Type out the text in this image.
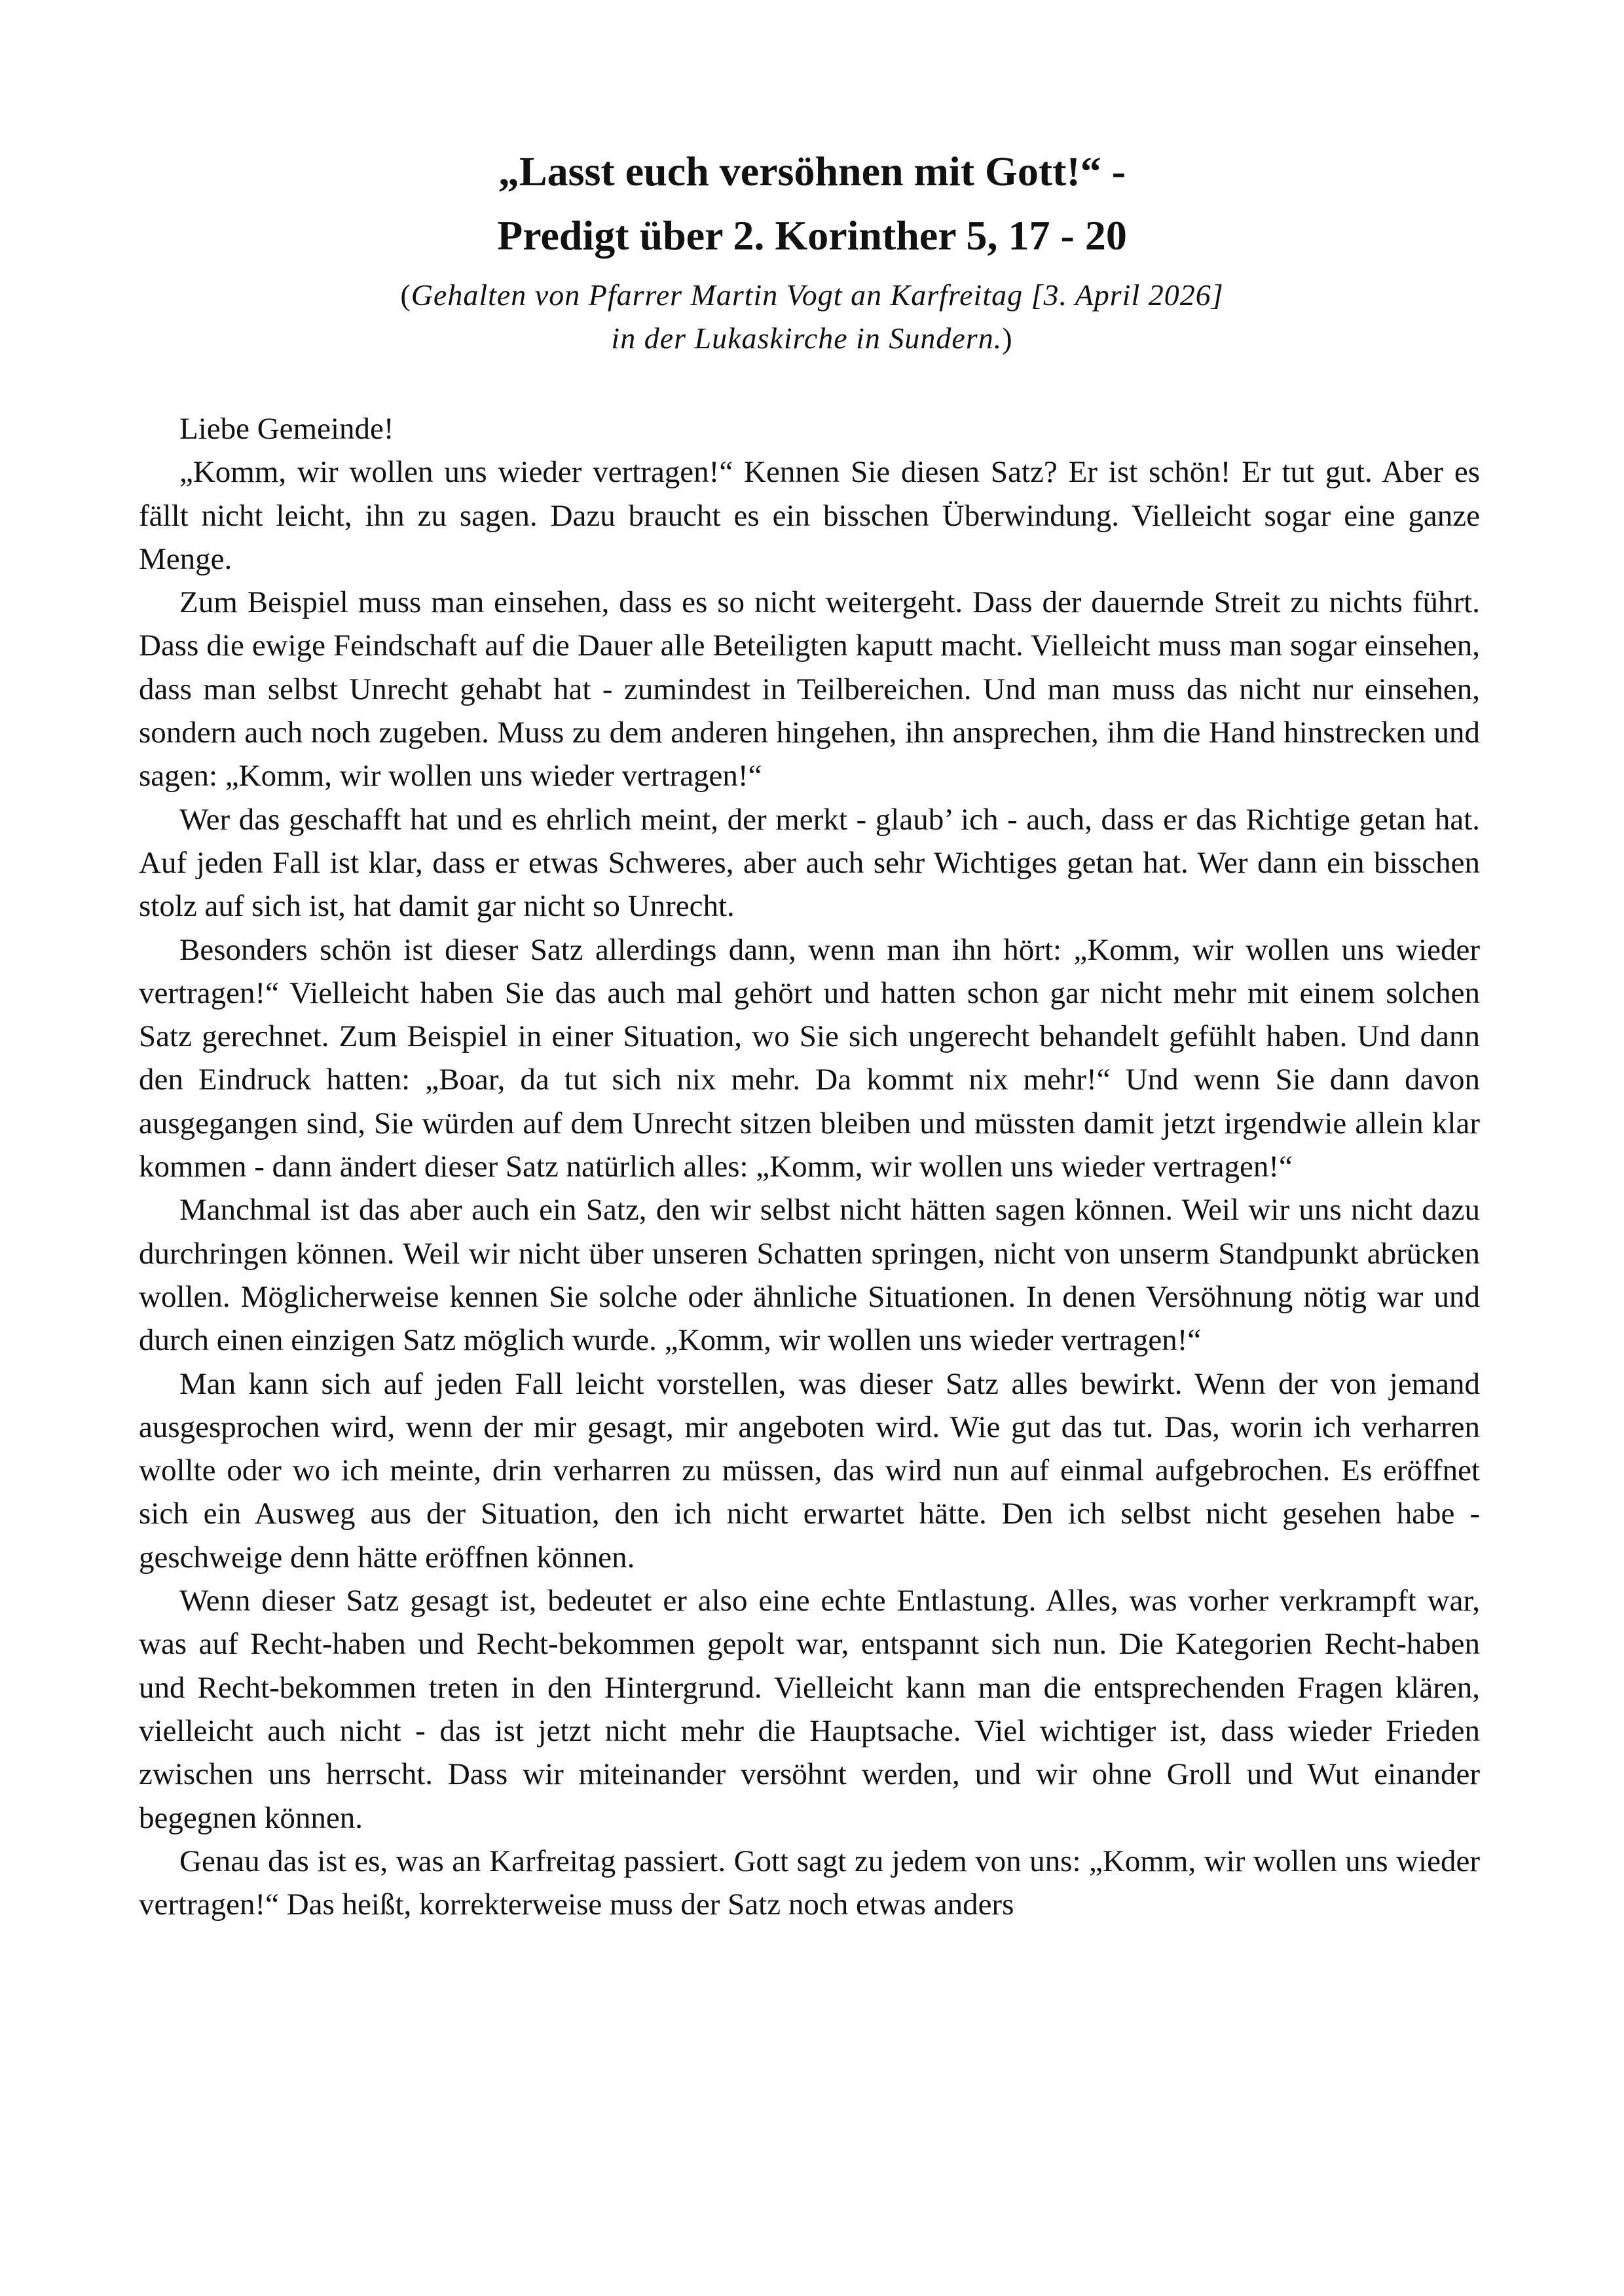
„Lasst euch versöhnen mit Gott!“ -
Predigt über 2. Korinther 5, 17 - 20
(Gehalten von Pfarrer Martin Vogt an Karfreitag [3. April 2026]
in der Lukaskirche in Sundern.)

Liebe Gemeinde!

„Komm, wir wollen uns wieder vertragen!“ Kennen Sie diesen Satz? Er ist schön! Er tut gut. Aber es fällt nicht leicht, ihn zu sagen. Dazu braucht es ein bisschen Überwindung. Vielleicht sogar eine ganze Menge.

Zum Beispiel muss man einsehen, dass es so nicht weitergeht. Dass der dauernde Streit zu nichts führt. Dass die ewige Feindschaft auf die Dauer alle Beteiligten kaputt macht. Vielleicht muss man sogar einsehen, dass man selbst Unrecht gehabt hat - zumindest in Teilbereichen. Und man muss das nicht nur einsehen, sondern auch noch zugeben. Muss zu dem anderen hingehen, ihn ansprechen, ihm die Hand hinstrecken und sagen: „Komm, wir wollen uns wieder vertragen!“

Wer das geschafft hat und es ehrlich meint, der merkt - glaub’ ich - auch, dass er das Richtige getan hat. Auf jeden Fall ist klar, dass er etwas Schweres, aber auch sehr Wichtiges getan hat. Wer dann ein bisschen stolz auf sich ist, hat damit gar nicht so Unrecht.

Besonders schön ist dieser Satz allerdings dann, wenn man ihn hört: „Komm, wir wollen uns wieder vertragen!“ Vielleicht haben Sie das auch mal gehört und hatten schon gar nicht mehr mit einem solchen Satz gerechnet. Zum Beispiel in einer Situation, wo Sie sich ungerecht behandelt gefühlt haben. Und dann den Eindruck hatten: „Boar, da tut sich nix mehr. Da kommt nix mehr!“ Und wenn Sie dann davon ausgegangen sind, Sie würden auf dem Unrecht sitzen bleiben und müssten damit jetzt irgendwie allein klar kommen - dann ändert dieser Satz natürlich alles: „Komm, wir wollen uns wieder vertragen!“

Manchmal ist das aber auch ein Satz, den wir selbst nicht hätten sagen können. Weil wir uns nicht dazu durchringen können. Weil wir nicht über unseren Schatten springen, nicht von unserm Standpunkt abrücken wollen. Möglicherweise kennen Sie solche oder ähnliche Situationen. In denen Versöhnung nötig war und durch einen einzigen Satz möglich wurde. „Komm, wir wollen uns wieder vertragen!“

Man kann sich auf jeden Fall leicht vorstellen, was dieser Satz alles bewirkt. Wenn der von jemand ausgesprochen wird, wenn der mir gesagt, mir angeboten wird. Wie gut das tut. Das, worin ich verharren wollte oder wo ich meinte, drin verharren zu müssen, das wird nun auf einmal aufgebrochen. Es eröffnet sich ein Ausweg aus der Situation, den ich nicht erwartet hätte. Den ich selbst nicht gesehen habe - geschweige denn hätte eröffnen können.

Wenn dieser Satz gesagt ist, bedeutet er also eine echte Entlastung. Alles, was vorher verkrampft war, was auf Recht-haben und Recht-bekommen gepolt war, entspannt sich nun. Die Kategorien Recht-haben und Recht-bekommen treten in den Hintergrund. Vielleicht kann man die entsprechenden Fragen klären, vielleicht auch nicht - das ist jetzt nicht mehr die Hauptsache. Viel wichtiger ist, dass wieder Frieden zwischen uns herrscht. Dass wir miteinander versöhnt werden, und wir ohne Groll und Wut einander begegnen können.

Genau das ist es, was an Karfreitag passiert. Gott sagt zu jedem von uns: „Komm, wir wollen uns wieder vertragen!“ Das heißt, korrekterweise muss der Satz noch etwas anders
